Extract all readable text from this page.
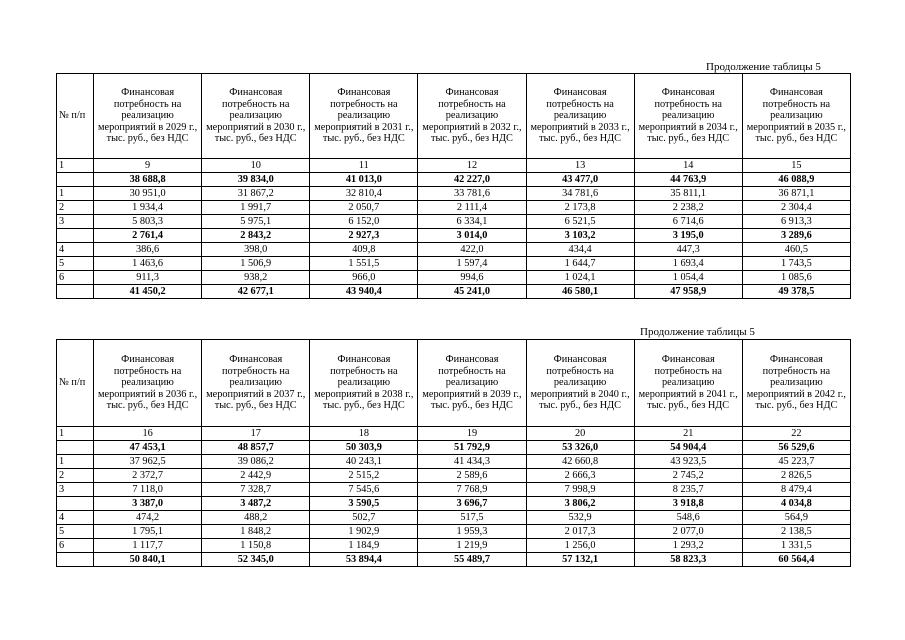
Продолжение таблицы 5
№ п/п	Финансовая потребность на реализацию мероприятий в 2029 г., тыс. руб., без НДС	Финансовая потребность на реализацию мероприятий в 2030 г., тыс. руб., без НДС	Финансовая потребность на реализацию мероприятий в 2031 г., тыс. руб., без НДС	Финансовая потребность на реализацию мероприятий в 2032 г., тыс. руб., без НДС	Финансовая потребность на реализацию мероприятий в 2033 г., тыс. руб., без НДС	Финансовая потребность на реализацию мероприятий в 2034 г., тыс. руб., без НДС	Финансовая потребность на реализацию мероприятий в 2035 г., тыс. руб., без НДС
1	9	10	11	12	13	14	15
	38 688,8	39 834,0	41 013,0	42 227,0	43 477,0	44 763,9	46 088,9
1	30 951,0	31 867,2	32 810,4	33 781,6	34 781,6	35 811,1	36 871,1
2	1 934,4	1 991,7	2 050,7	2 111,4	2 173,8	2 238,2	2 304,4
3	5 803,3	5 975,1	6 152,0	6 334,1	6 521,5	6 714,6	6 913,3
	2 761,4	2 843,2	2 927,3	3 014,0	3 103,2	3 195,0	3 289,6
4	386,6	398,0	409,8	422,0	434,4	447,3	460,5
5	1 463,6	1 506,9	1 551,5	1 597,4	1 644,7	1 693,4	1 743,5
6	911,3	938,2	966,0	994,6	1 024,1	1 054,4	1 085,6
	41 450,2	42 677,1	43 940,4	45 241,0	46 580,1	47 958,9	49 378,5
Продолжение таблицы 5
№ п/п	Финансовая потребность на реализацию мероприятий в 2036 г., тыс. руб., без НДС	Финансовая потребность на реализацию мероприятий в 2037 г., тыс. руб., без НДС	Финансовая потребность на реализацию мероприятий в 2038 г., тыс. руб., без НДС	Финансовая потребность на реализацию мероприятий в 2039 г., тыс. руб., без НДС	Финансовая потребность на реализацию мероприятий в 2040 г., тыс. руб., без НДС	Финансовая потребность на реализацию мероприятий в 2041 г., тыс. руб., без НДС	Финансовая потребность на реализацию мероприятий в 2042 г., тыс. руб., без НДС
1	16	17	18	19	20	21	22
	47 453,1	48 857,7	50 303,9	51 792,9	53 326,0	54 904,4	56 529,6
1	37 962,5	39 086,2	40 243,1	41 434,3	42 660,8	43 923,5	45 223,7
2	2 372,7	2 442,9	2 515,2	2 589,6	2 666,3	2 745,2	2 826,5
3	7 118,0	7 328,7	7 545,6	7 768,9	7 998,9	8 235,7	8 479,4
	3 387,0	3 487,2	3 590,5	3 696,7	3 806,2	3 918,8	4 034,8
4	474,2	488,2	502,7	517,5	532,9	548,6	564,9
5	1 795,1	1 848,2	1 902,9	1 959,3	2 017,3	2 077,0	2 138,5
6	1 117,7	1 150,8	1 184,9	1 219,9	1 256,0	1 293,2	1 331,5
	50 840,1	52 345,0	53 894,4	55 489,7	57 132,1	58 823,3	60 564,4
